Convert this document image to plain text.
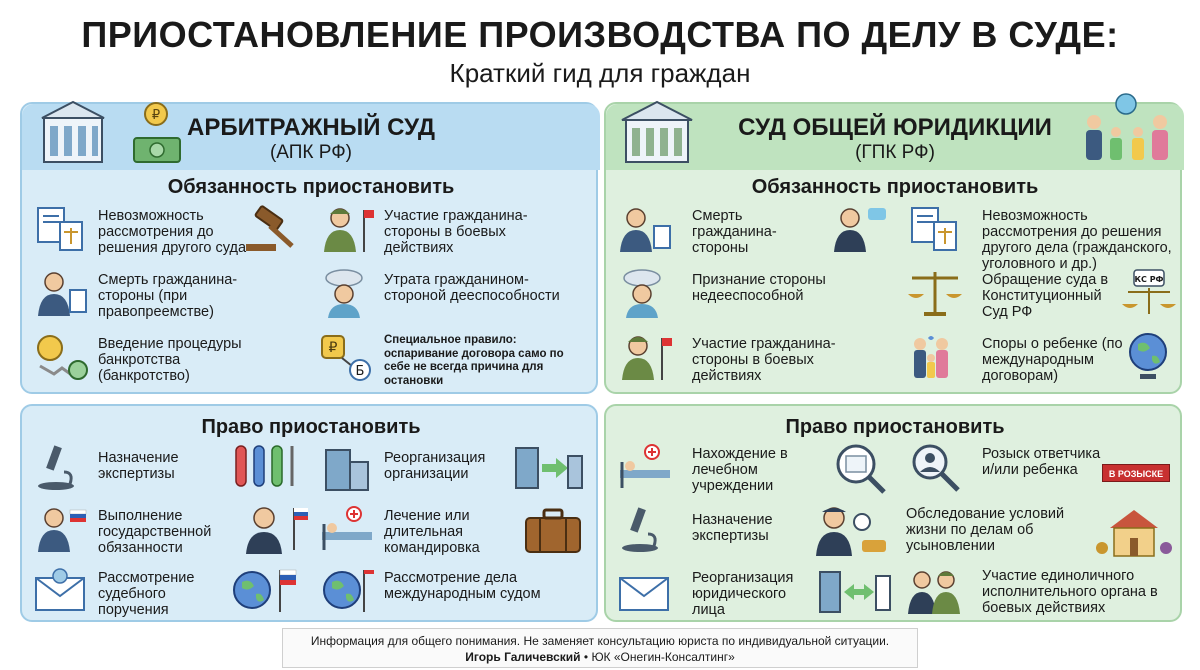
ПРИОСТАНОВЛЕНИЕ ПРОИЗВОДСТВА ПО ДЕЛУ В СУДЕ:
Краткий гид для граждан
₽	АРБИТРАЖНЫЙ СУД
(АПК РФ)
Обязанность приостановить
Невозможность рассмотрения до решения другого суда
Участие гражданина-стороны в боевых действиях
Смерть гражданина-стороны (при правопреемстве)
Утрата гражданином-стороной дееспособности
Введение процедуры банкротства (банкротство)
₽
Б
Специальное правило: оспаривание договора само по себе не всегда причина для остановки
Право приостановить
Назначение экспертизы
Реорганизация организации
Выполнение государственной обязанности
Лечение или длительная командировка
Рассмотрение судебного поручения
Рассмотрение дела международным судом
СУД ОБЩЕЙ ЮРИДИКЦИИ
(ГПК РФ)
Обязанность приостановить
Смерть гражданина-стороны
Невозможность рассмотрения до решения другого дела (гражданского, уголовного и др.)
Признание стороны недееспособной
Обращение суда в Конституционный Суд РФ
КС РФ
Участие гражданина-стороны в боевых действиях
Споры о ребенке (по международным договорам)
Право приостановить
Нахождение в лечебном учреждении
Розыск ответчика и/или ребенка	В РОЗЫСКЕ
Назначение экспертизы
Обследование условий жизни по делам об усыновлении
Реорганизация юридического лица
Участие единоличного исполнительного органа в боевых действиях
Информация для общего понимания. Не заменяет консультацию юриста по индивидуальной ситуации.
Игорь Галичевский • ЮК «Онегин-Консалтинг»
